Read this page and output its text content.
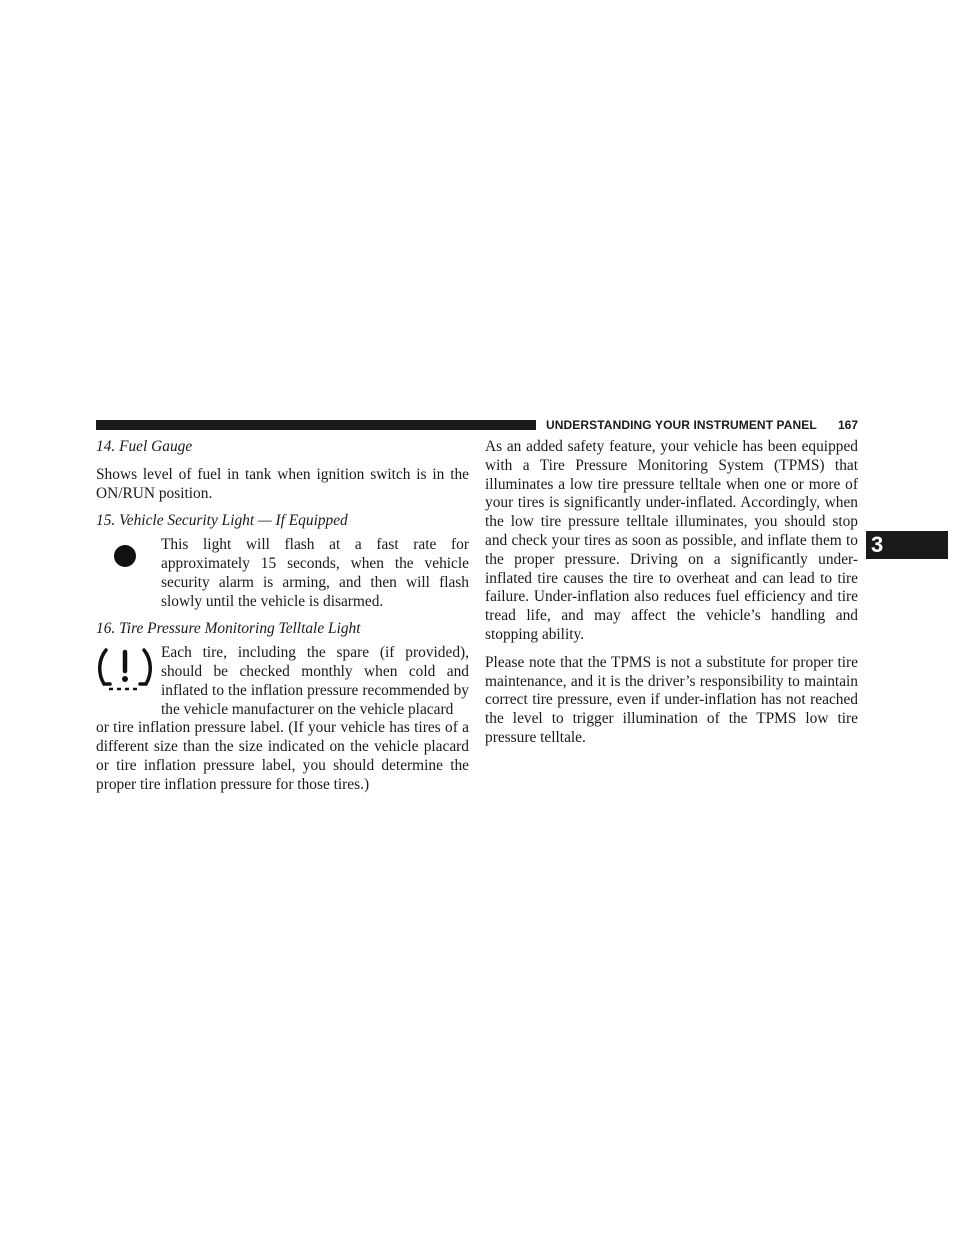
UNDERSTANDING YOUR INSTRUMENT PANEL 167
3

14. Fuel Gauge

Shows level of fuel in tank when ignition switch is in the ON/RUN position.

15. Vehicle Security Light — If Equipped

This light will flash at a fast rate for approximately 15 seconds, when the vehicle security alarm is arming, and then will flash slowly until the vehicle is disarmed.

16. Tire Pressure Monitoring Telltale Light

Each tire, including the spare (if provided), should be checked monthly when cold and inflated to the inflation pressure recommended by the vehicle manufacturer on the vehicle placard

or tire inflation pressure label. (If your vehicle has tires of a different size than the size indicated on the vehicle placard or tire inflation pressure label, you should determine the proper tire inflation pressure for those tires.)

As an added safety feature, your vehicle has been equipped with a Tire Pressure Monitoring System (TPMS) that illuminates a low tire pressure telltale when one or more of your tires is significantly under-inflated. Accordingly, when the low tire pressure telltale illuminates, you should stop and check your tires as soon as possible, and inflate them to the proper pressure. Driving on a significantly under-inflated tire causes the tire to overheat and can lead to tire failure. Under-inflation also reduces fuel efficiency and tire tread life, and may affect the vehicle’s handling and stopping ability.

Please note that the TPMS is not a substitute for proper tire maintenance, and it is the driver’s responsibility to maintain correct tire pressure, even if under-inflation has not reached the level to trigger illumination of the TPMS low tire pressure telltale.
